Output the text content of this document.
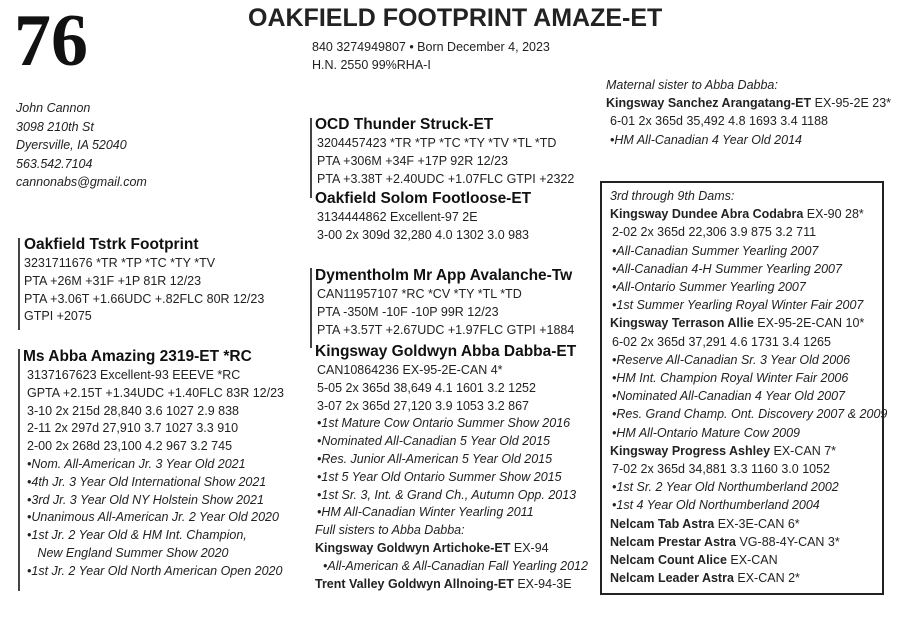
76	OAKFIELD FOOTPRINT AMAZE-ET
840 3274949807 • Born December 4, 2023
H.N. 2550 99%RHA-I
John Cannon
3098 210th St
Dyersville, IA 52040
563.542.7104
cannonabs@gmail.com
Oakfield Tstrk Footprint
3231711676 *TR *TP *TC *TY *TV
PTA +26M +31F +1P 81R 12/23
PTA +3.06T +1.66UDC +.82FLC 80R 12/23
GTPI +2075
Ms Abba Amazing 2319-ET *RC
3137167623 Excellent-93 EEEVE *RC
GPTA +2.15T +1.34UDC +1.40FLC 83R 12/23
3-10 2x 215d 28,840 3.6 1027 2.9 838
2-11 2x 297d 27,910 3.7 1027 3.3 910
2-00 2x 268d 23,100 4.2 967 3.2 745
•Nom. All-American Jr. 3 Year Old 2021
•4th Jr. 3 Year Old International Show 2021
•3rd Jr. 3 Year Old NY Holstein Show 2021
•Unanimous All-American Jr. 2 Year Old 2020
•1st Jr. 2 Year Old & HM Int. Champion,
New England Summer Show 2020
•1st Jr. 2 Year Old North American Open 2020
OCD Thunder Struck-ET
3204457423 *TR *TP *TC *TY *TV *TL *TD
PTA +306M +34F +17P 92R 12/23
PTA +3.38T +2.40UDC +1.07FLC GTPI +2322
Oakfield Solom Footloose-ET
3134444862 Excellent-97 2E
3-00 2x 309d 32,280 4.0 1302 3.0 983
Dymentholm Mr App Avalanche-Tw
CAN11957107 *RC *CV *TY *TL *TD
PTA -350M -10F -10P 99R 12/23
PTA +3.57T +2.67UDC +1.97FLC GTPI +1884
Kingsway Goldwyn Abba Dabba-ET
CAN10864236 EX-95-2E-CAN 4*
5-05 2x 365d 38,649 4.1 1601 3.2 1252
3-07 2x 365d 27,120 3.9 1053 3.2 867
•1st Mature Cow Ontario Summer Show 2016
•Nominated All-Canadian 5 Year Old 2015
•Res. Junior All-American 5 Year Old 2015
•1st 5 Year Old Ontario Summer Show 2015
•1st Sr. 3, Int. & Grand Ch., Autumn Opp. 2013
•HM All-Canadian Winter Yearling 2011
Full sisters to Abba Dabba:
Kingsway Goldwyn Artichoke-ET EX-94
•All-American & All-Canadian Fall Yearling 2012
Trent Valley Goldwyn Allnoing-ET EX-94-3E
Maternal sister to Abba Dabba:
Kingsway Sanchez Arangatang-ET EX-95-2E 23*
6-01 2x 365d 35,492 4.8 1693 3.4 1188
•HM All-Canadian 4 Year Old 2014
3rd through 9th Dams:
Kingsway Dundee Abra Codabra EX-90 28*
2-02 2x 365d 22,306 3.9 875 3.2 711
•All-Canadian Summer Yearling 2007
•All-Canadian 4-H Summer Yearling 2007
•All-Ontario Summer Yearling 2007
•1st Summer Yearling Royal Winter Fair 2007
Kingsway Terrason Allie EX-95-2E-CAN 10*
6-02 2x 365d 37,291 4.6 1731 3.4 1265
•Reserve All-Canadian Sr. 3 Year Old 2006
•HM Int. Champion Royal Winter Fair 2006
•Nominated All-Canadian 4 Year Old 2007
•Res. Grand Champ. Ont. Discovery 2007 & 2009
•HM All-Ontario Mature Cow 2009
Kingsway Progress Ashley EX-CAN 7*
7-02 2x 365d 34,881 3.3 1160 3.0 1052
•1st Sr. 2 Year Old Northumberland 2002
•1st 4 Year Old Northumberland 2004
Nelcam Tab Astra EX-3E-CAN 6*
Nelcam Prestar Astra VG-88-4Y-CAN 3*
Nelcam Count Alice EX-CAN
Nelcam Leader Astra EX-CAN 2*
